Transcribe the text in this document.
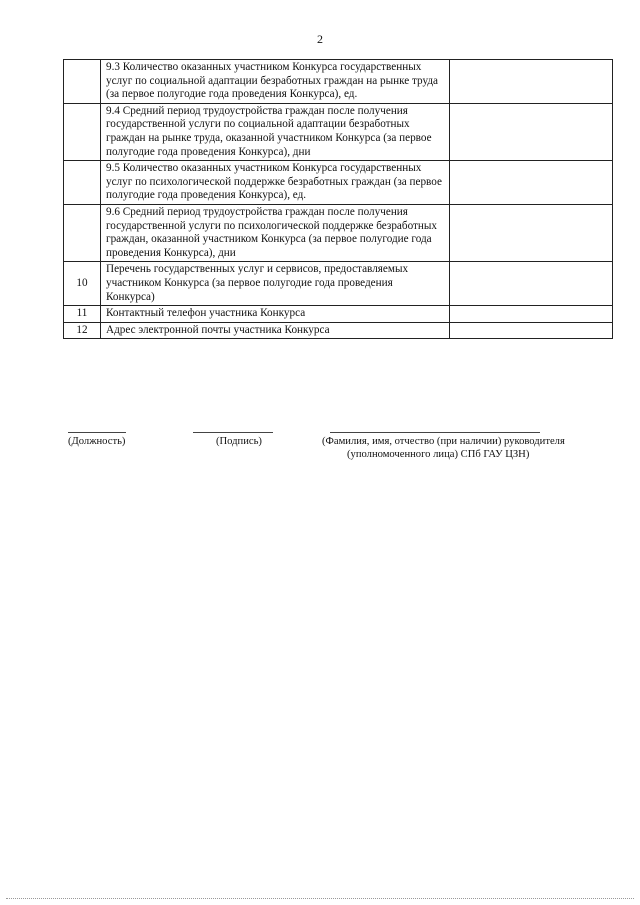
2
	9.3 Количество оказанных участником Конкурса государственных услуг по социальной адаптации безработных граждан на рынке труда (за первое полугодие года проведения Конкурса), ед.	
	9.4 Средний период трудоустройства граждан после получения государственной услуги по социальной адаптации безработных граждан на рынке труда, оказанной участником Конкурса (за первое полугодие года проведения Конкурса), дни	
	9.5 Количество оказанных участником Конкурса государственных услуг по психологической поддержке безработных граждан (за первое полугодие года проведения Конкурса), ед.	
	9.6 Средний период трудоустройства граждан после получения государственной услуги по психологической поддержке безработных граждан, оказанной участником Конкурса (за первое полугодие года проведения Конкурса), дни	
10	Перечень государственных услуг и сервисов, предоставляемых участником Конкурса (за первое полугодие года проведения Конкурса)	
11	Контактный телефон участника Конкурса	
12	Адрес электронной почты участника Конкурса	
(Должность)	(Подпись)	(Фамилия, имя, отчество (при наличии) руководителя
(уполномоченного лица) СПб ГАУ ЦЗН)
